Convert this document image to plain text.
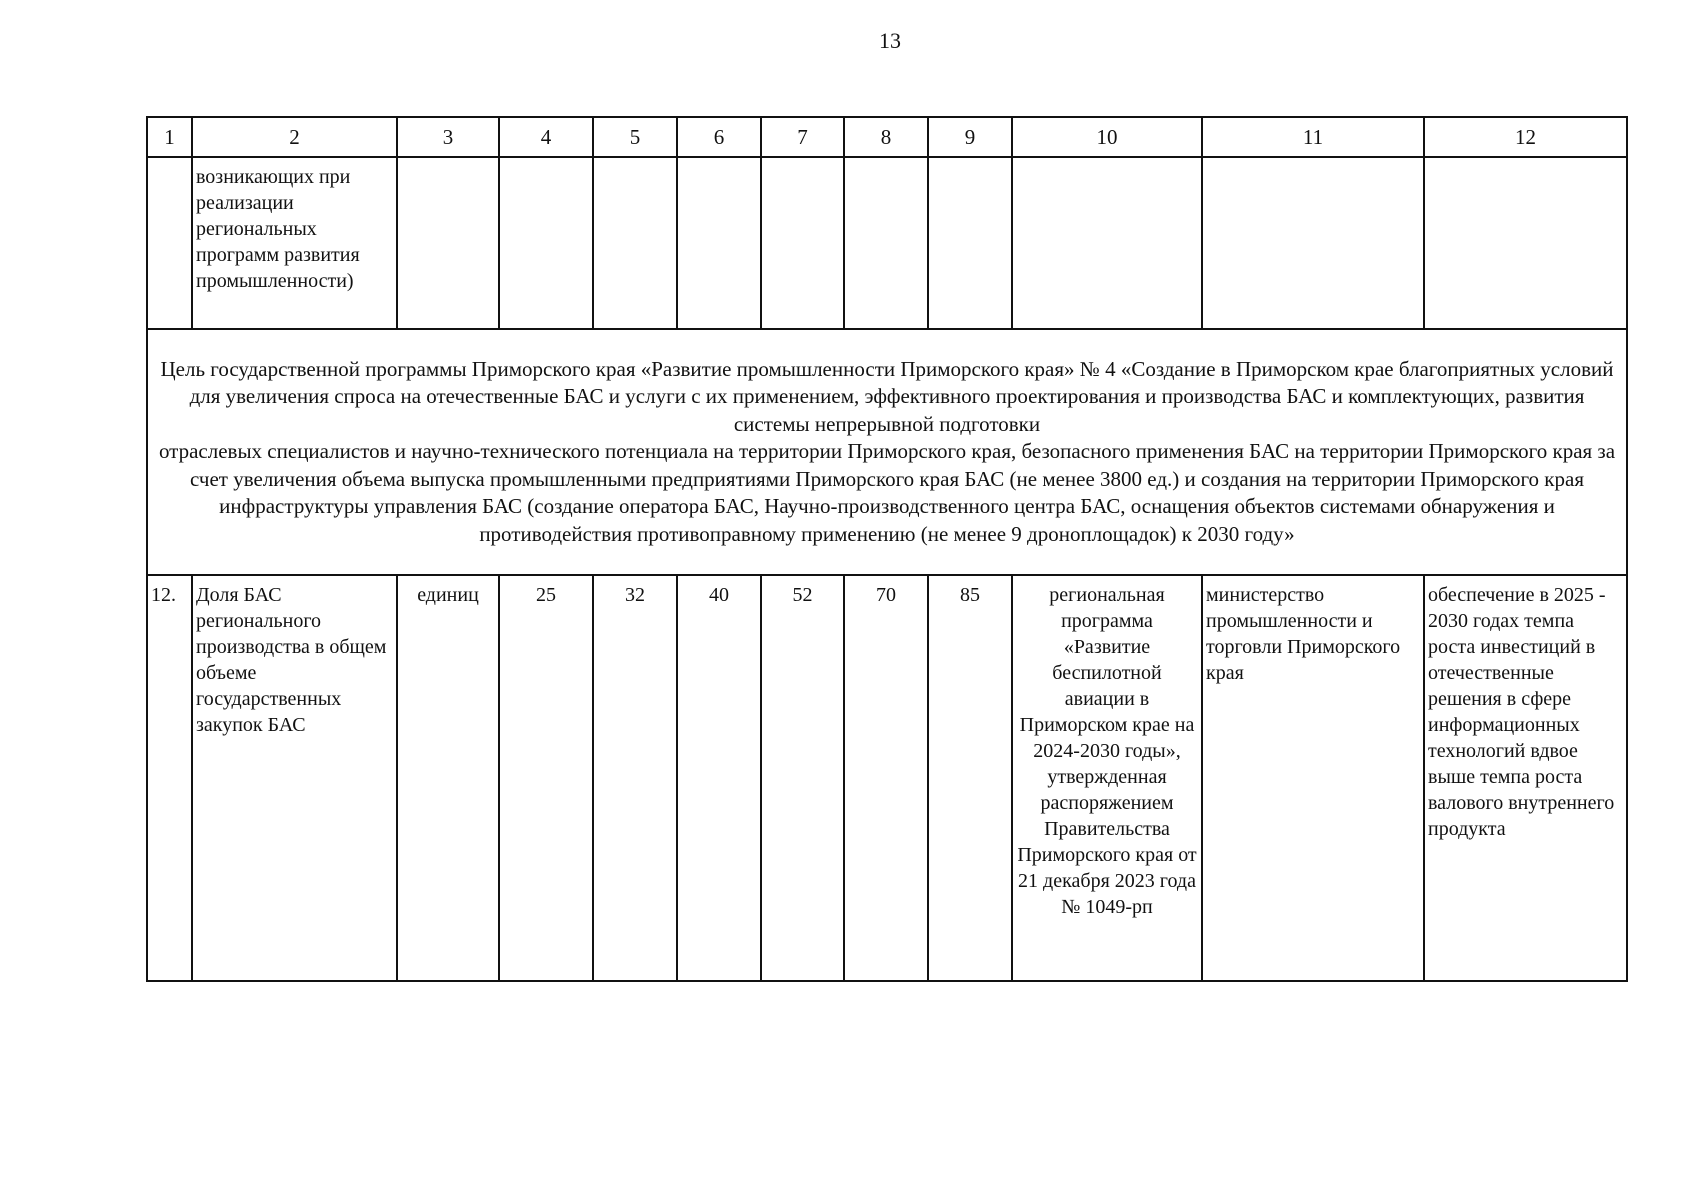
13
1	2	3	4	5	6	7	8	9	10	11	12
	возникающих при реализации региональных программ развития промышленности)										

Цель государственной программы Приморского края «Развитие промышленности Приморского края» № 4 «Создание в Приморском крае благоприятных условий для увеличения спроса на отечественные БАС и услуги с их применением, эффективного проектирования и производства БАС и комплектующих, развития системы непрерывной подготовки
отраслевых специалистов и научно-технического потенциала на территории Приморского края, безопасного применения БАС на территории Приморского края за счет увеличения объема выпуска промышленными предприятиями Приморского края БАС (не менее 3800 ед.) и создания на территории Приморского края инфраструктуры управления БАС (создание оператора БАС, Научно-производственного центра БАС, оснащения объектов системами обнаружения и противодействия противоправному применению (не менее 9 дроноплощадок) к 2030 году»											

12.	Доля БАС регионального производства в общем объеме государственных закупок БАС	единиц	25	32	40	52	70	85	региональная программа «Развитие беспилотной авиации в Приморском крае на 2024-2030 годы», утвержденная распоряжением Правительства Приморского края от 21 декабря 2023 года № 1049-рп	министерство промышленности и торговли Приморского края	обеспечение в 2025 - 2030 годах темпа роста инвестиций в отечественные решения в сфере информационных технологий вдвое выше темпа роста валового внутреннего продукта
